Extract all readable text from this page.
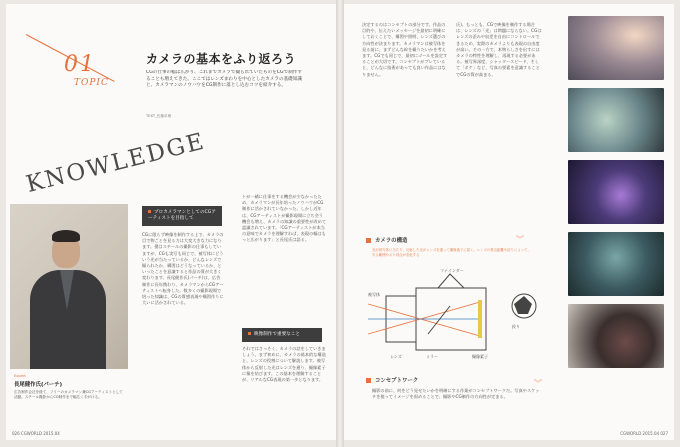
01
TOPIC
カメラの基本をふり返ろう
CGの仕事の幅は広がり、これまでカメラで撮られていたものをCGで制作することも増えてきた。ここではレンズまわりを中心としたカメラの基礎知識と、カメラマンのノウハウをCG制作に落とし込むコツを紹介する。
TEXT_佐藤卓朗
KNOWLEDGE
Expert
長尾健作氏(パーチ)
広告制作会社を経て、フリーのカメラマン兼CGアーティストとして活動。スチール撮影からCG制作まで幅広く手がける。
プロカメラマンとしてのCGアーティストを目指して
CGに限らず映像を制作する上で、カメラの目で物ごとを見る力は大変大きな力になります。僕はスチールの撮影の仕事もしていますが、CGも実写も同じで、被写体にどういう光が当たっているか、どんなレンズで撮られたか、構図はどうなっているか、といったことを意識すると作品の質が大きく変わります。長尾健作氏(パーチ)は、広告制作に長年携わり、カメラマンからCGアーティストへ転身した。数多くの撮影現場で培った知識は、CGの質感表現や構図作りに大いに活かされている。
トが一緒に仕事をする機会が少なかったため、カメラマンが長年培ったノウハウがCG制作に活かされていなかった。しかし近年は、CGアーティストが撮影現場に立ち会う機会も増え、カメラの知識の重要性が改めて認識されています。「CGアーティストが本当の意味でカメラを理解すれば、表現の幅はもっと広がります」と長尾氏は語る。
映像制作で重要なこと
それではさっそく、カメラの話をしていきましょう。まず初めに、カメラの基本的な構造と、レンズの役割について解説します。被写体から反射した光はレンズを通り、撮像素子に像を結びます。この基本を理解することが、リアルなCG表現の第一歩となります。
026 CGWORLD 2015.04
決定するのはコンセプトの部分です。作品の目的や、伝えたいメッセージを最初に明確にしておくことで、構図や照明、レンズ選びの方向性が決まります。カメラマンは被写体を見る前に、まずどんな絵を撮りたいかを考えます。CGでも同じで、最初にゴールを設定することが大切です。コンセプトがブレていると、どんなに技術があっても良い作品にはなりません。
氏)。もっとも、CGで映像を制作する場合は、レンズの「光」は問題にならない。CGはレンズの歪みや収差を自由にコントロールできるため、実際のカメラよりも表現の自由度が高い。その一方で、本物らしさを出すにはカメラの特性を理解し、再現する必要がある。被写界深度、シャッタースピード、そして「ボケ」など、写真の要素を意識することでCGの質が高まる。
カメラの構造	︾
光が被写体に当たり、反射した光がレンズを通って撮像素子に届く。レンズの焦点距離や絞りによって、写る範囲やボケ具合が変化する
レンズ
絞り
撮像素子
ミラー
ファインダー
被写体
コンセプトワーク	︾
撮影の前に、何をどう見せたいかを明確にする作業がコンセプトワークだ。写真やスケッチを使ってイメージを固めることで、撮影やCG制作の方向性が定まる。
CGWORLD 2015.04 027
